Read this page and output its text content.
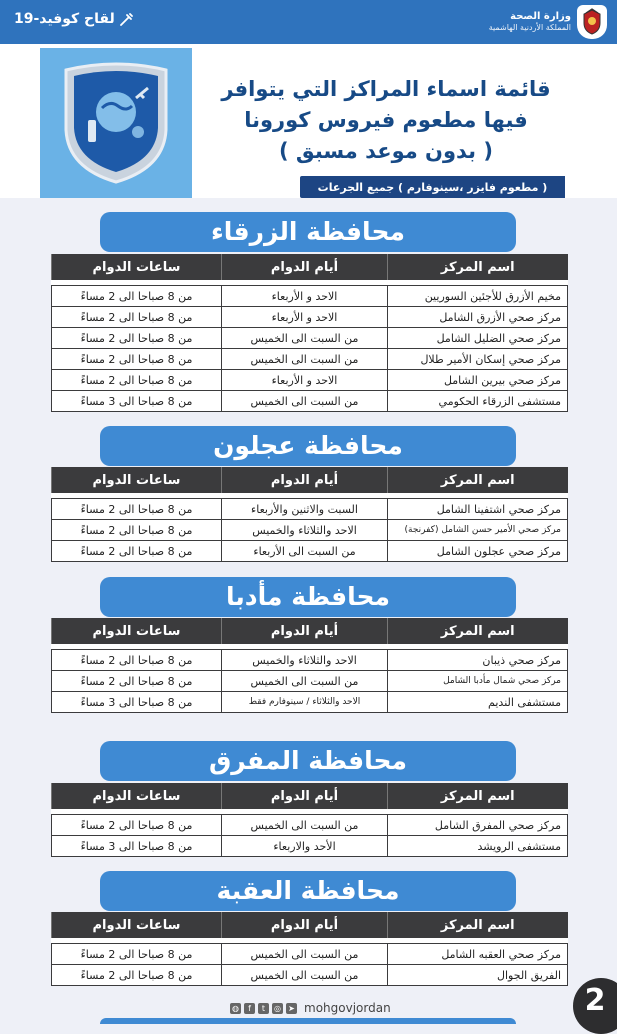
وزارة الصحة
المملكة الأردنية الهاشمية
لقاح كوفيد-19
قائمة اسماء المراكز التي يتوافر
فيها مطعوم فيروس كورونا
( بدون موعد مسبق )
( مطعوم فايزر ،سينوفارم ) جميع الجرعات
محافظة الزرقاء
اسم المركز	أيام الدوام	ساعات الدوام

مخيم الأزرق للأجئين السوريين	الاحد و الأربعاء	من 8 صباحا الى 2 مساءً
مركز صحي الأزرق الشامل	الاحد و الأربعاء	من 8 صباحا الى 2 مساءً
مركز صحي الضليل الشامل	من السبت الى الخميس	من 8 صباحا الى 2 مساءً
مركز صحي إسكان الأمير طلال	من السبت الى الخميس	من 8 صباحا الى 2 مساءً
مركز صحي بيرين الشامل	الاحد و الأربعاء	من 8 صباحا الى 2 مساءً
مستشفى الزرقاء الحكومي	من السبت الى الخميس	من 8 صباحا الى 3 مساءً
محافظة عجلون
اسم المركز	أيام الدوام	ساعات الدوام

مركز صحي اشتفينا الشامل	السبت والاثنين والأربعاء	من 8 صباحا الى 2 مساءً
مركز صحي الأمير حسن الشامل (كفرنجة)	الاحد والثلاثاء والخميس	من 8 صباحا الى 2 مساءً
مركز صحي عجلون الشامل	من السبت الى الأربعاء	من 8 صباحا الى 2 مساءً
محافظة مأدبا
اسم المركز	أيام الدوام	ساعات الدوام

مركز صحي ذيبان	الاحد والثلاثاء والخميس	من 8 صباحا الى 2 مساءً
مركز صحي شمال مأدبا الشامل	من السبت الى الخميس	من 8 صباحا الى 2 مساءً
مستشفى النديم	الاحد والثلاثاء / سينوفارم فقط	من 8 صباحا الى 3 مساءً
محافظة المفرق
اسم المركز	أيام الدوام	ساعات الدوام

مركز صحي المفرق الشامل	من السبت الى الخميس	من 8 صباحا الى 2 مساءً
مستشفى الرويشد	الأحد والاربعاء	من 8 صباحا الى 3 مساءً
محافظة العقبة
اسم المركز	أيام الدوام	ساعات الدوام

مركز صحي العقبه الشامل	من السبت الى الخميس	من 8 صباحا الى 2 مساءً
الفريق الجوال	من السبت الى الخميس	من 8 صباحا الى 2 مساءً
◍	f	t	◎ ➤ mohgovjordan	2
